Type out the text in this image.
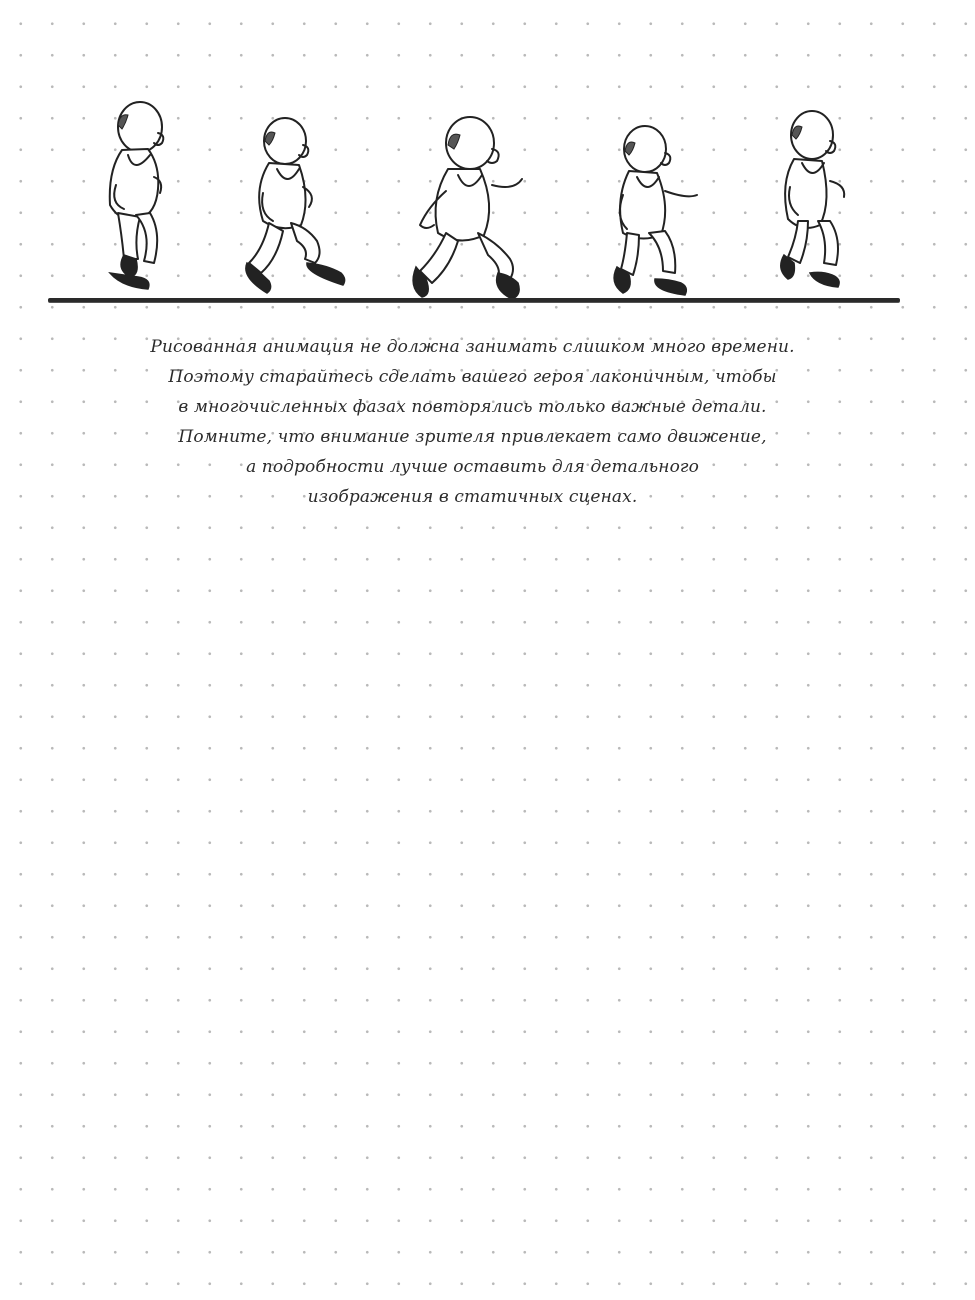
Рисованная анимация не должна занимать слишком много времени.
Поэтому старайтесь сделать вашего героя лаконичным, чтобы
в многочисленных фазах повторялись только важные детали.
Помните, что внимание зрителя привлекает само движение,
а подробности лучше оставить для детального
изображения в статичных сценах.
